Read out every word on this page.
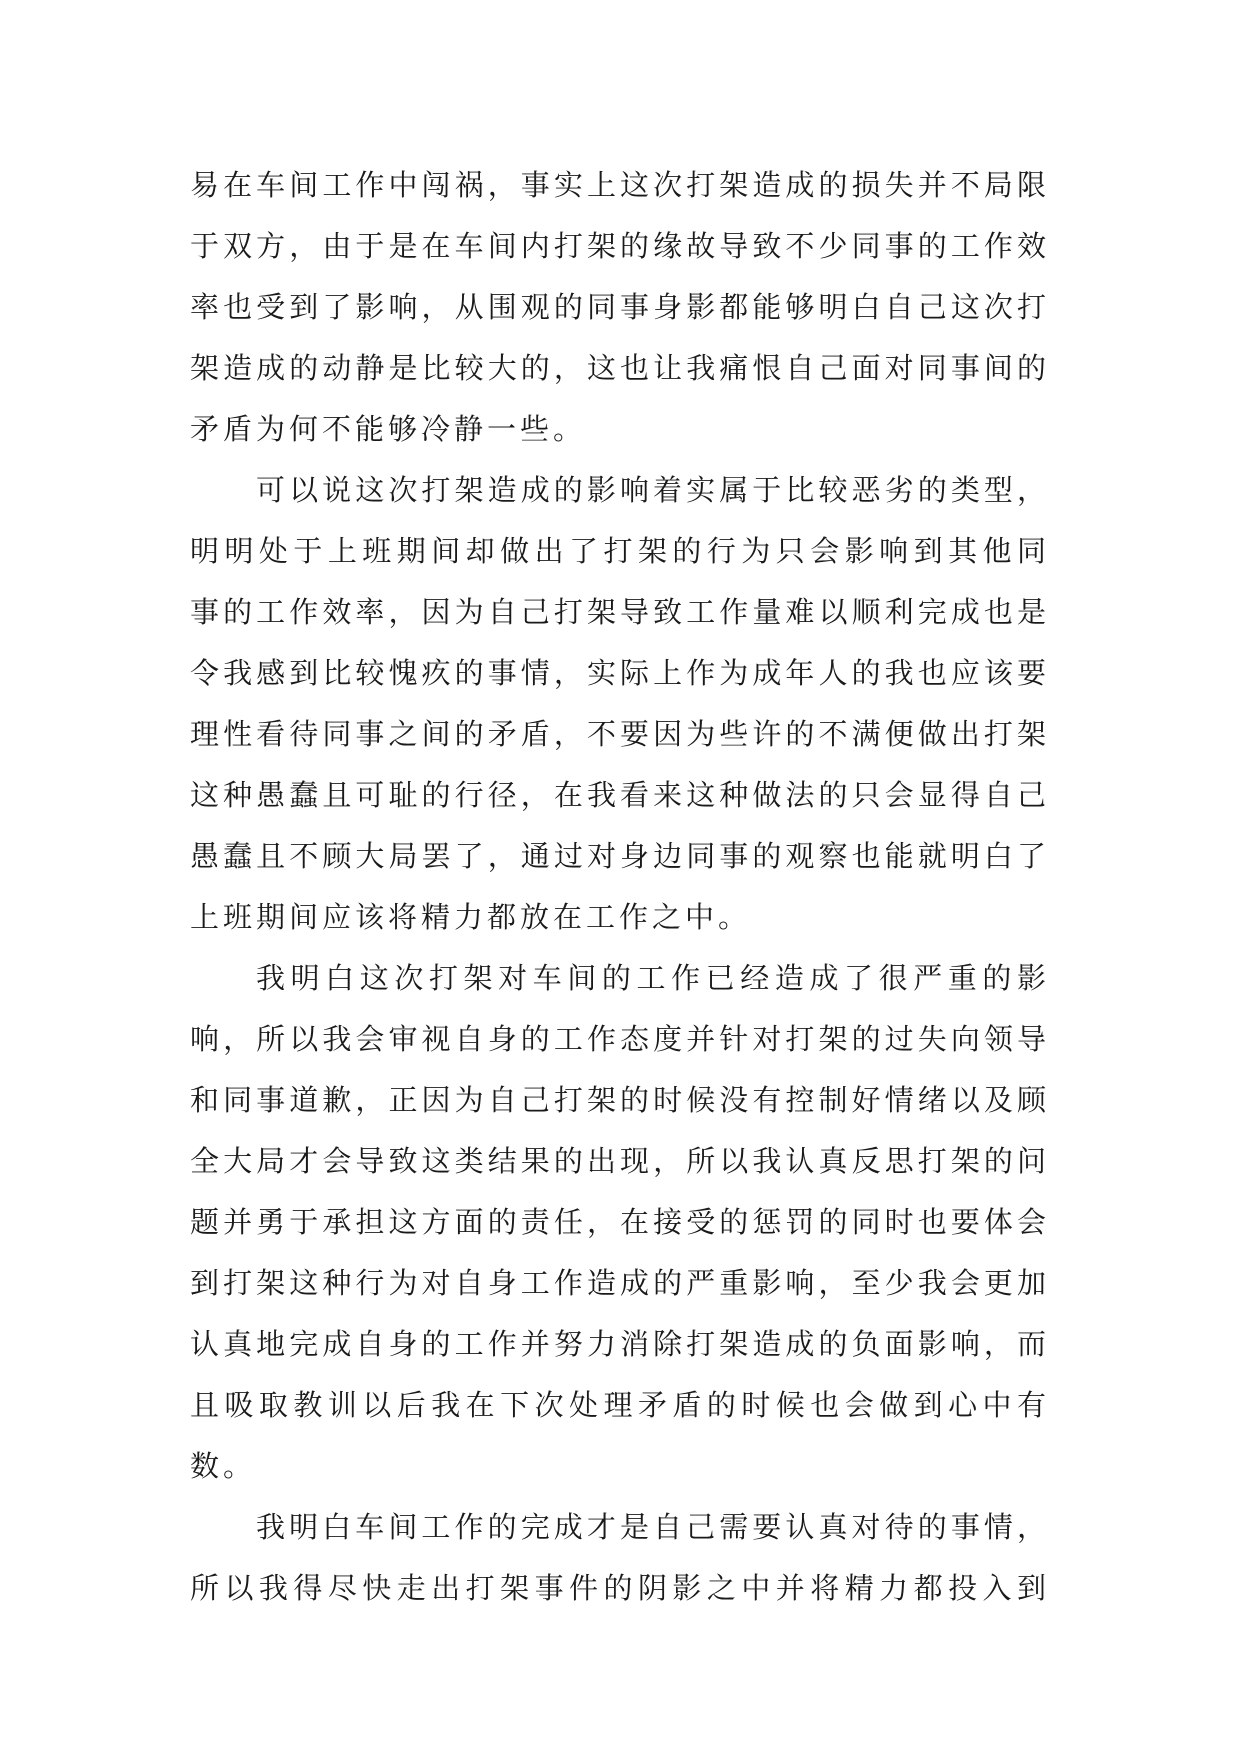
易在车间工作中闯祸，事实上这次打架造成的损失并不局限
于双方，由于是在车间内打架的缘故导致不少同事的工作效
率也受到了影响，从围观的同事身影都能够明白自己这次打
架造成的动静是比较大的，这也让我痛恨自己面对同事间的
矛盾为何不能够冷静一些。
可以说这次打架造成的影响着实属于比较恶劣的类型，
明明处于上班期间却做出了打架的行为只会影响到其他同
事的工作效率，因为自己打架导致工作量难以顺利完成也是
令我感到比较愧疚的事情，实际上作为成年人的我也应该要
理性看待同事之间的矛盾，不要因为些许的不满便做出打架
这种愚蠢且可耻的行径，在我看来这种做法的只会显得自己
愚蠢且不顾大局罢了，通过对身边同事的观察也能就明白了
上班期间应该将精力都放在工作之中。
我明白这次打架对车间的工作已经造成了很严重的影
响，所以我会审视自身的工作态度并针对打架的过失向领导
和同事道歉，正因为自己打架的时候没有控制好情绪以及顾
全大局才会导致这类结果的出现，所以我认真反思打架的问
题并勇于承担这方面的责任，在接受的惩罚的同时也要体会
到打架这种行为对自身工作造成的严重影响，至少我会更加
认真地完成自身的工作并努力消除打架造成的负面影响，而
且吸取教训以后我在下次处理矛盾的时候也会做到心中有
数。
我明白车间工作的完成才是自己需要认真对待的事情，
所以我得尽快走出打架事件的阴影之中并将精力都投入到
